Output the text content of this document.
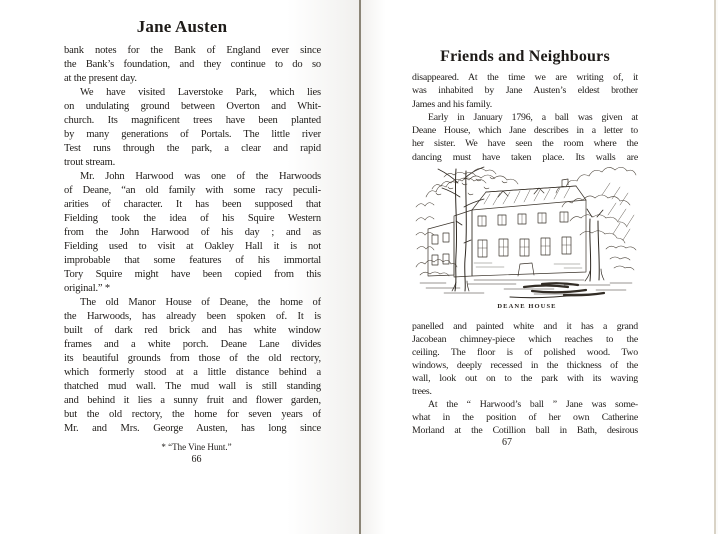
Jane Austen
bank notes for the Bank of England ever since
the Bank’s foundation, and they continue to do so
at the present day.
We have visited Laverstoke Park, which lies
on undulating ground between Overton and Whit-
church. Its magnificent trees have been planted
by many generations of Portals. The little river
Test runs through the park, a clear and rapid
trout stream.
Mr. John Harwood was one of the Harwoods
of Deane, “an old family with some racy peculi-
arities of character. It has been supposed that
Fielding took the idea of his Squire Western
from the John Harwood of his day ; and as
Fielding used to visit at Oakley Hall it is not
improbable that some features of his immortal
Tory Squire might have been copied from this
original.” *
The old Manor House of Deane, the home of
the Harwoods, has already been spoken of. It is
built of dark red brick and has white window
frames and a white porch. Deane Lane divides
its beautiful grounds from those of the old rectory,
which formerly stood at a little distance behind a
thatched mud wall. The mud wall is still standing
and behind it lies a sunny fruit and flower garden,
but the old rectory, the home for seven years of
Mr. and Mrs. George Austen, has long since
* “The Vine Hunt.”
66
Friends and Neighbours
disappeared. At the time we are writing of, it
was inhabited by Jane Austen’s eldest brother
James and his family.
Early in January 1796, a ball was given at
Deane House, which Jane describes in a letter to
her sister. We have seen the room where the
dancing must have taken place. Its walls are
DEANE HOUSE
panelled and painted white and it has a grand
Jacobean chimney-piece which reaches to the
ceiling. The floor is of polished wood. Two
windows, deeply recessed in the thickness of the
wall, look out on to the park with its waving
trees.
At the “ Harwood’s ball ” Jane was some-
what in the position of her own Catherine
Morland at the Cotillion ball in Bath, desirous
67
